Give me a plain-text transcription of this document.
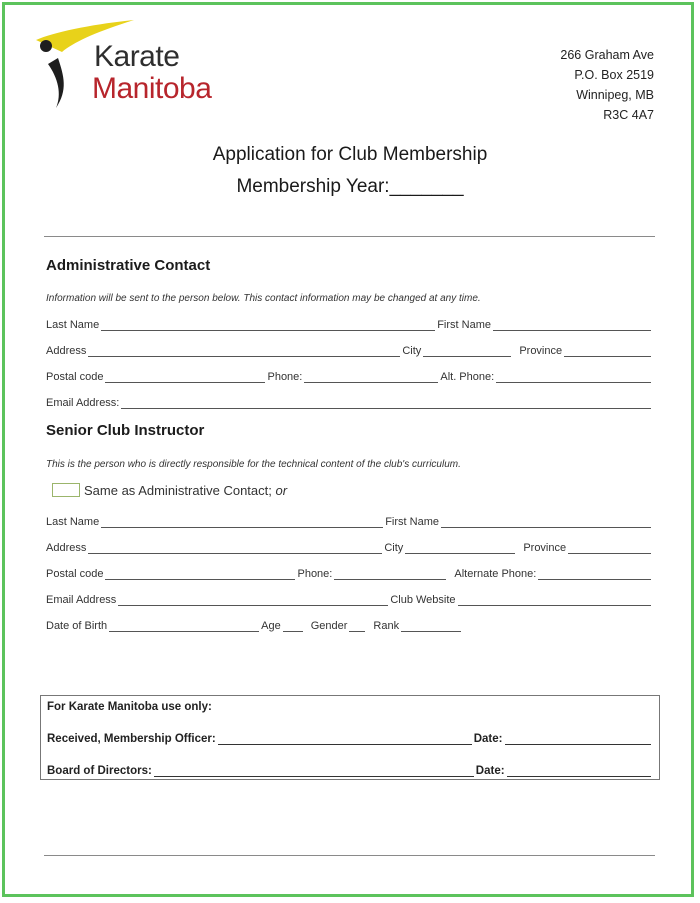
Karate
Manitoba
266 Graham Ave
P.O. Box 2519
Winnipeg, MB
R3C 4A7
Application for Club Membership
Membership Year:_______
Administrative Contact
Information will be sent to the person below. This contact information may be changed at any time.
Last Name	First Name
Address	City	Province
Postal code	Phone:	Alt. Phone:
Email Address:
Senior Club Instructor
This is the person who is directly responsible for the technical content of the club's curriculum.
Same as Administrative Contact; or
Last Name	First Name
Address	City	Province
Postal code	Phone:	Alternate Phone:
Email Address	Club Website
Date of Birth	Age	Gender Rank
For Karate Manitoba use only:
Received, Membership Officer:	Date:
Board of Directors:	Date:
